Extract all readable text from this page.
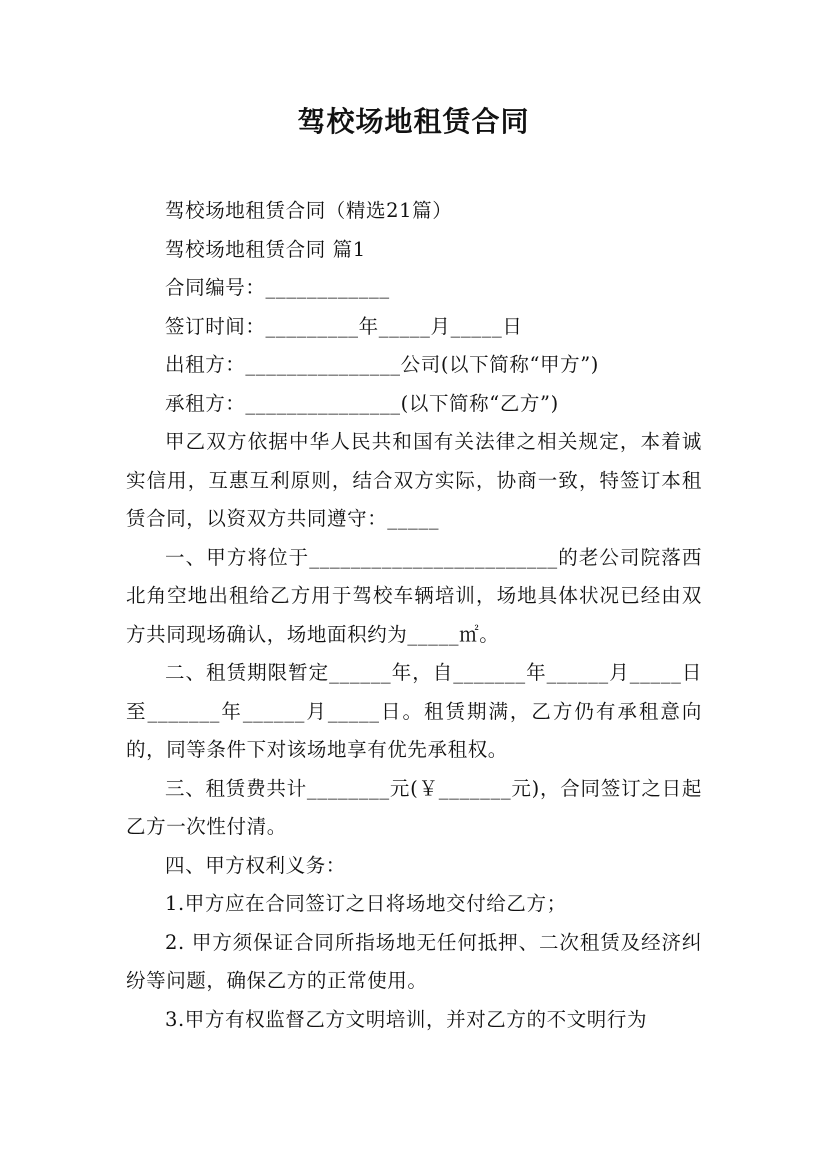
驾校场地租赁合同

驾校场地租赁合同（精选21篇）

驾校场地租赁合同 篇1

合同编号：____________

签订时间：_________年_____月_____日

出租方：_______________公司(以下简称“甲方”)

承租方：_______________(以下简称“乙方”)

甲乙双方依据中华人民共和国有关法律之相关规定，本着诚实信用，互惠互利原则，结合双方实际，协商一致，特签订本租赁合同，以资双方共同遵守：_____

一、甲方将位于________________________的老公司院落西北角空地出租给乙方用于驾校车辆培训，场地具体状况已经由双方共同现场确认，场地面积约为_____㎡。

二、租赁期限暂定______年，自_______年______月_____日至_______年______月_____日。租赁期满，乙方仍有承租意向的，同等条件下对该场地享有优先承租权。

三、租赁费共计________元(￥_______元)，合同签订之日起乙方一次性付清。

四、甲方权利义务：

1.甲方应在合同签订之日将场地交付给乙方；

2. 甲方须保证合同所指场地无任何抵押、二次租赁及经济纠纷等问题，确保乙方的正常使用。

3.甲方有权监督乙方文明培训，并对乙方的不文明行为
